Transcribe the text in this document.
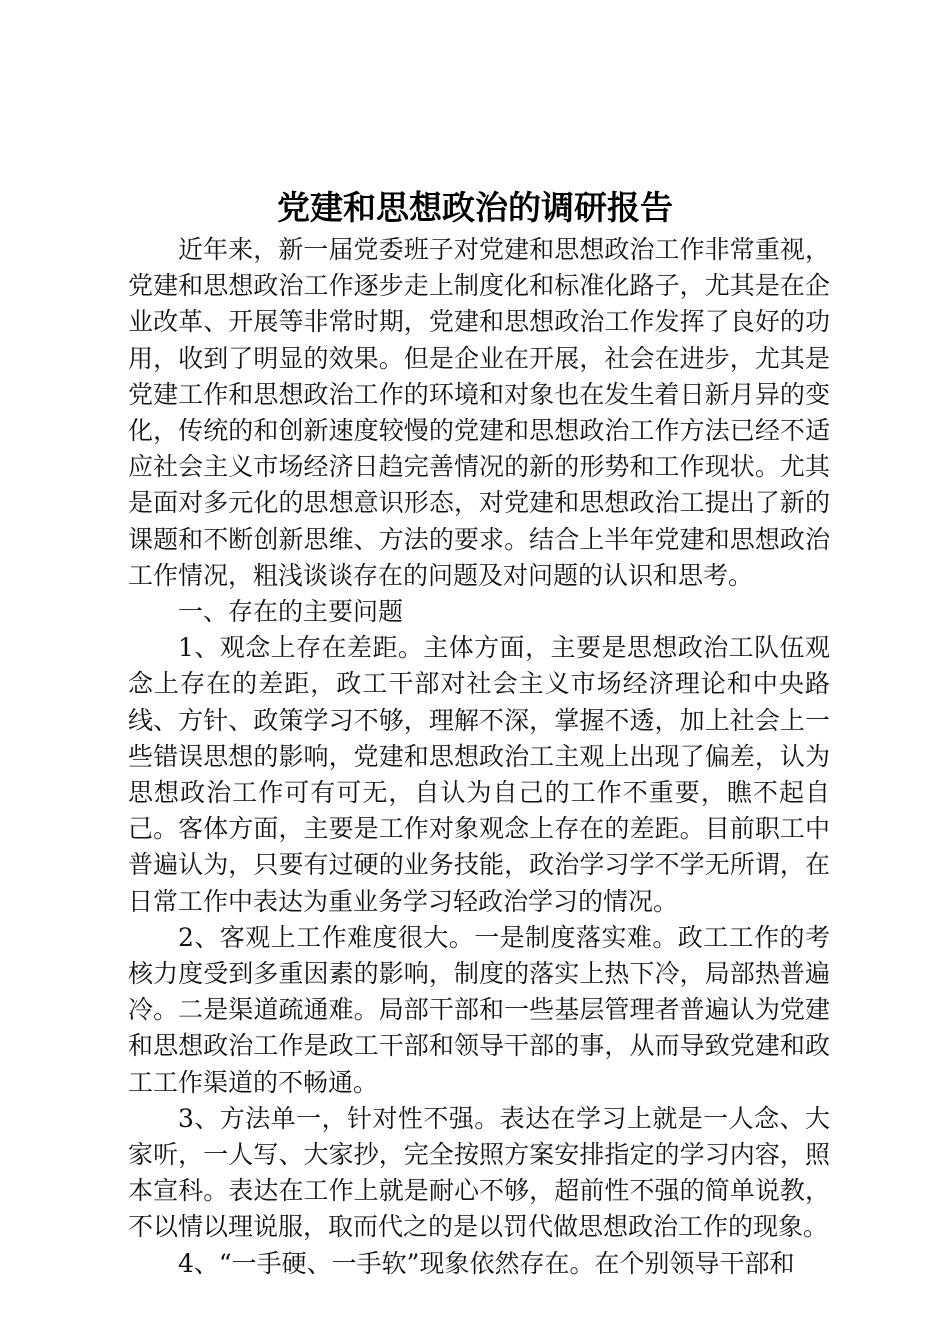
党建和思想政治的调研报告

近年来，新一届党委班子对党建和思想政治工作非常重视，党建和思想政治工作逐步走上制度化和标准化路子，尤其是在企业改革、开展等非常时期，党建和思想政治工作发挥了良好的功用，收到了明显的效果。但是企业在开展，社会在进步，尤其是党建工作和思想政治工作的环境和对象也在发生着日新月异的变化，传统的和创新速度较慢的党建和思想政治工作方法已经不适应社会主义市场经济日趋完善情况的新的形势和工作现状。尤其是面对多元化的思想意识形态，对党建和思想政治工提出了新的课题和不断创新思维、方法的要求。结合上半年党建和思想政治工作情况，粗浅谈谈存在的问题及对问题的认识和思考。

一、存在的主要问题

1、观念上存在差距。主体方面，主要是思想政治工队伍观念上存在的差距，政工干部对社会主义市场经济理论和中央路线、方针、政策学习不够，理解不深，掌握不透，加上社会上一些错误思想的影响，党建和思想政治工主观上出现了偏差，认为思想政治工作可有可无，自认为自己的工作不重要，瞧不起自己。客体方面，主要是工作对象观念上存在的差距。目前职工中普遍认为，只要有过硬的业务技能，政治学习学不学无所谓，在日常工作中表达为重业务学习轻政治学习的情况。

2、客观上工作难度很大。一是制度落实难。政工工作的考核力度受到多重因素的影响，制度的落实上热下冷，局部热普遍冷。二是渠道疏通难。局部干部和一些基层管理者普遍认为党建和思想政治工作是政工干部和领导干部的事，从而导致党建和政工工作渠道的不畅通。

3、方法单一，针对性不强。表达在学习上就是一人念、大家听，一人写、大家抄，完全按照方案安排指定的学习内容，照本宣科。表达在工作上就是耐心不够，超前性不强的简单说教，不以情以理说服，取而代之的是以罚代做思想政治工作的现象。

4、“一手硬、一手软”现象依然存在。在个别领导干部和
